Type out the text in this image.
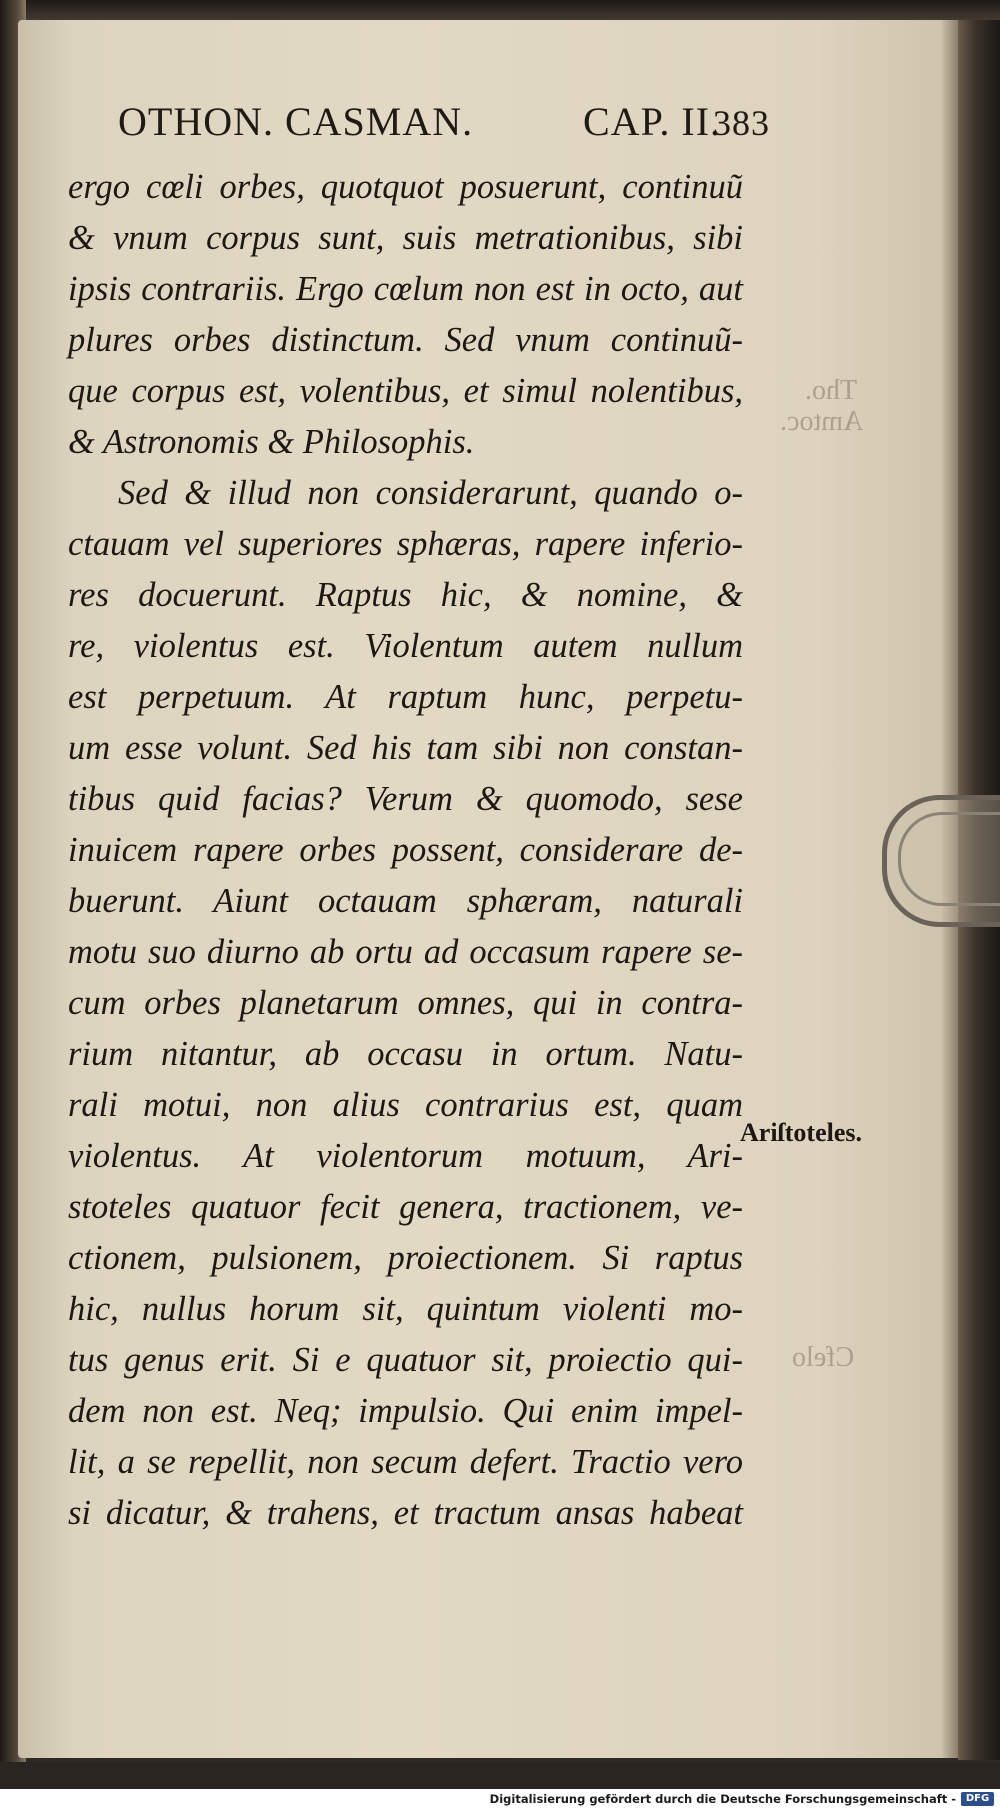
OTHON. CASMAN.	CAP. II.383
ergo cœli orbes, quotquot posuerunt, continuũ
& vnum corpus sunt, suis metrationibus, sibi
ipsis contrariis. Ergo cœlum non est in octo, aut
plures orbes distinctum. Sed vnum continuũ-
que corpus est, volentibus, et simul nolentibus,
& Astronomis & Philosophis.
Sed & illud non considerarunt, quando o-
ctauam vel superiores sphæras, rapere inferio-
res docuerunt. Raptus hic, & nomine, &
re, violentus est. Violentum autem nullum
est perpetuum. At raptum hunc, perpetu-
um esse volunt. Sed his tam sibi non constan-
tibus quid facias? Verum & quomodo, sese
inuicem rapere orbes possent, considerare de-
buerunt. Aiunt octauam sphæram, naturali
motu suo diurno ab ortu ad occasum rapere se-
cum orbes planetarum omnes, qui in contra-
rium nitantur, ab occasu in ortum. Natu-
rali motui, non alius contrarius est, quam
violentus. At violentorum motuum, Ari-
stoteles quatuor fecit genera, tractionem, ve-
ctionem, pulsionem, proiectionem. Si raptus
hic, nullus horum sit, quintum violenti mo-
tus genus erit. Si e quatuor sit, proiectio qui-
dem non est. Neq; impulsio. Qui enim impel-
lit, a se repellit, non secum defert. Tractio vero
si dicatur, & trahens, et tractum ansas habeat
Ariſtoteles.
Tho.
Amtoc.
Cfelo
Digitalisierung gefördert durch die Deutsche Forschungsgemeinschaft - DFG
